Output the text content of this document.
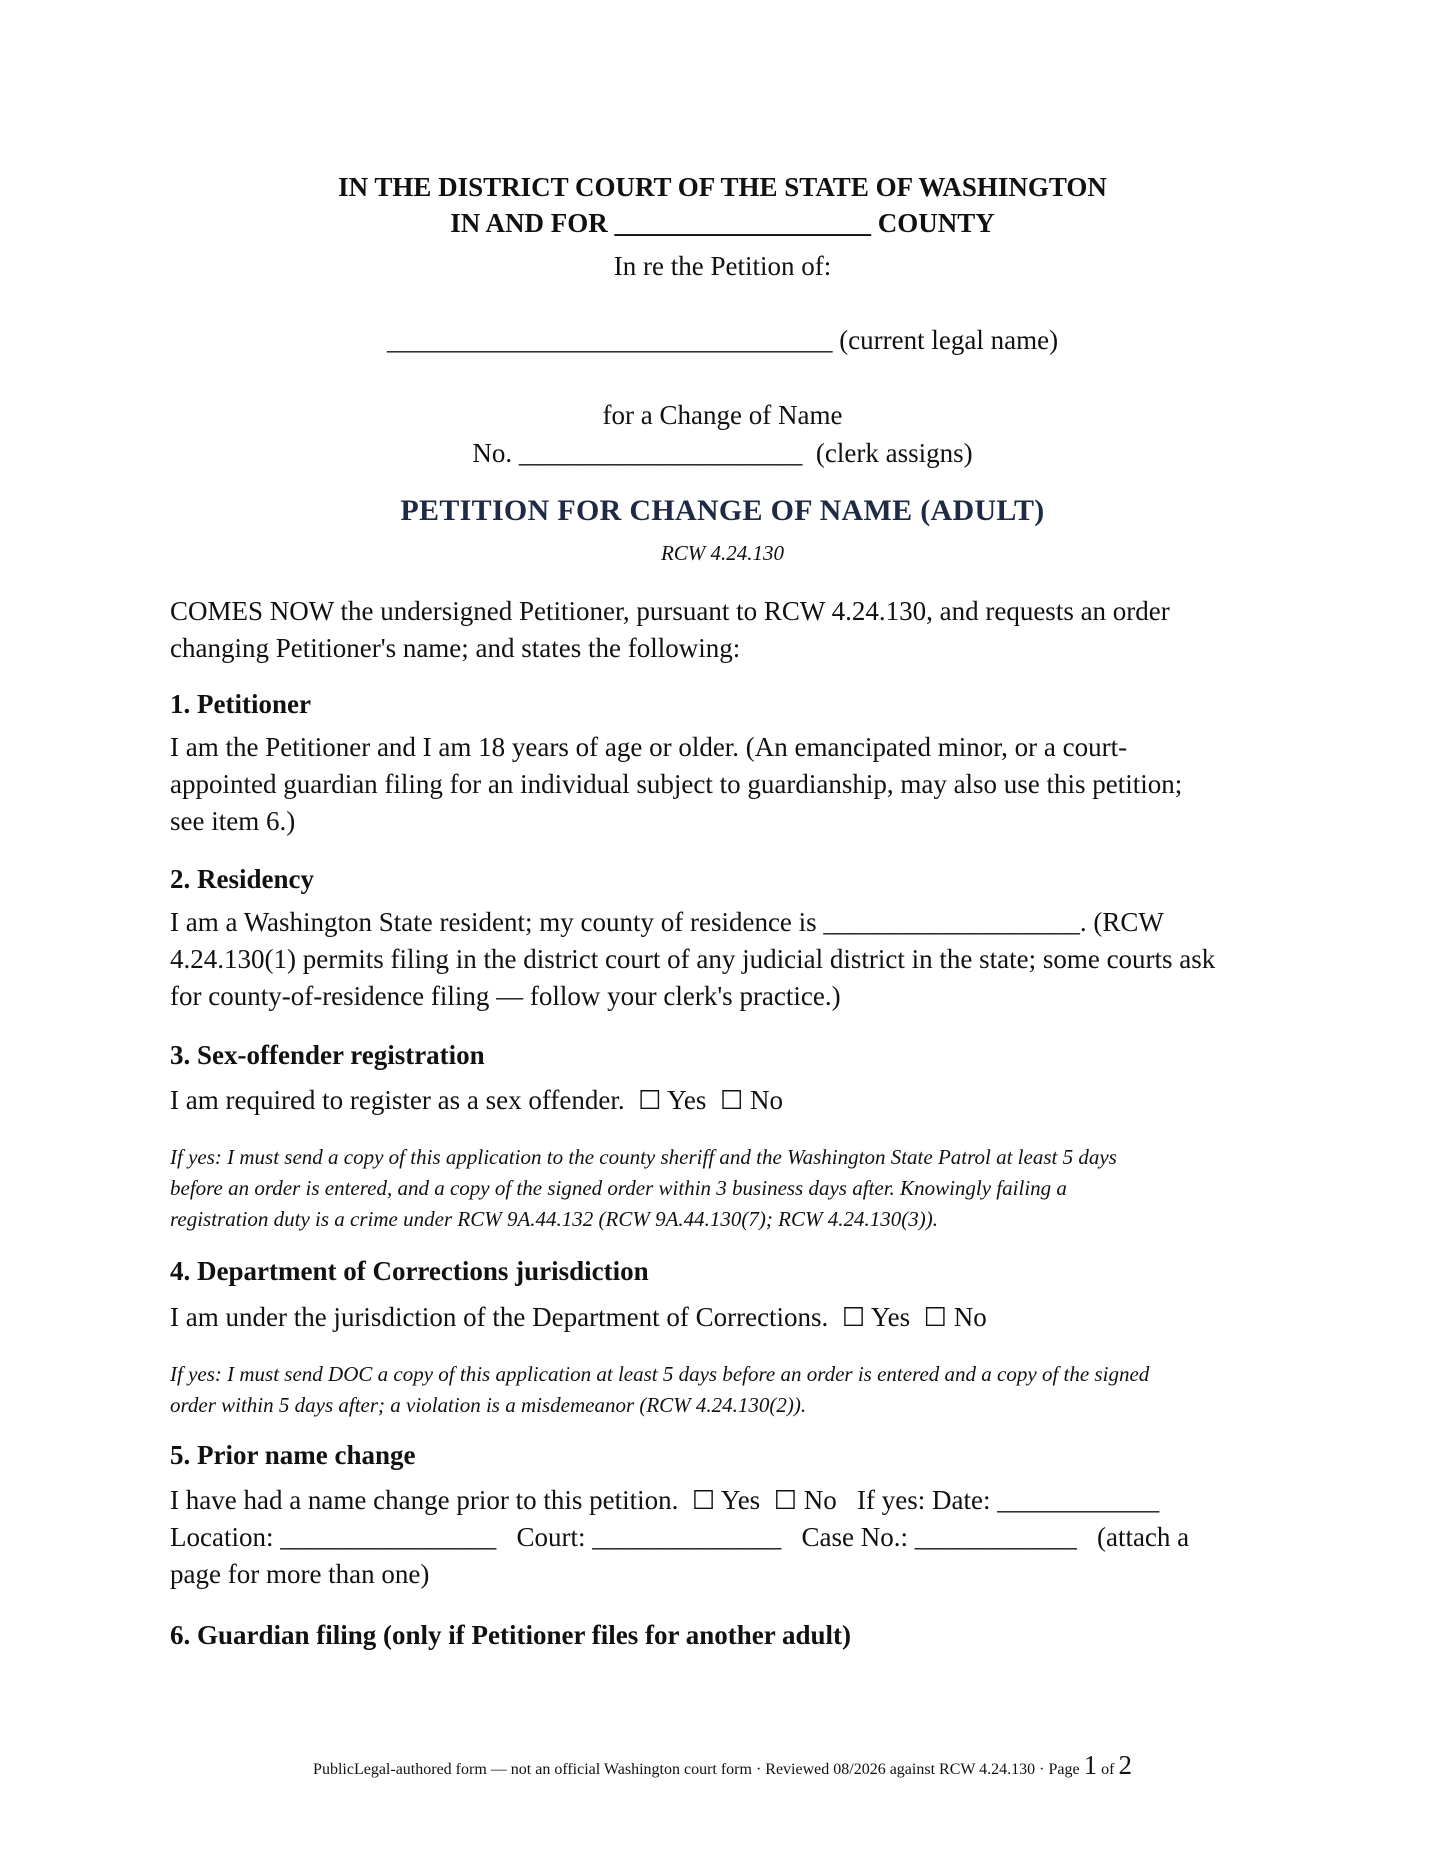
IN THE DISTRICT COURT OF THE STATE OF WASHINGTON
IN AND FOR ___________________ COUNTY
In re the Petition of:
_________________________________ (current legal name)
for a Change of Name
No. _____________________ (clerk assigns)
PETITION FOR CHANGE OF NAME (ADULT)
RCW 4.24.130
COMES NOW the undersigned Petitioner, pursuant to RCW 4.24.130, and requests an order
changing Petitioner's name; and states the following:
1. Petitioner
I am the Petitioner and I am 18 years of age or older. (An emancipated minor, or a court-
appointed guardian filing for an individual subject to guardianship, may also use this petition;
see item 6.)
2. Residency
I am a Washington State resident; my county of residence is ___________________. (RCW
4.24.130(1) permits filing in the district court of any judicial district in the state; some courts ask
for county-of-residence filing — follow your clerk's practice.)
3. Sex-offender registration
I am required to register as a sex offender. ☐ Yes ☐ No
If yes: I must send a copy of this application to the county sheriff and the Washington State Patrol at least 5 days
before an order is entered, and a copy of the signed order within 3 business days after. Knowingly failing a
registration duty is a crime under RCW 9A.44.132 (RCW 9A.44.130(7); RCW 4.24.130(3)).
4. Department of Corrections jurisdiction
I am under the jurisdiction of the Department of Corrections. ☐ Yes ☐ No
If yes: I must send DOC a copy of this application at least 5 days before an order is entered and a copy of the signed
order within 5 days after; a violation is a misdemeanor (RCW 4.24.130(2)).
5. Prior name change
I have had a name change prior to this petition. ☐ Yes ☐ No If yes: Date: ____________
Location: ________________ Court: ______________ Case No.: ____________ (attach a
page for more than one)
6. Guardian filing (only if Petitioner files for another adult)
PublicLegal-authored form — not an official Washington court form · Reviewed 08/2026 against RCW 4.24.130 · Page 1 of 2
